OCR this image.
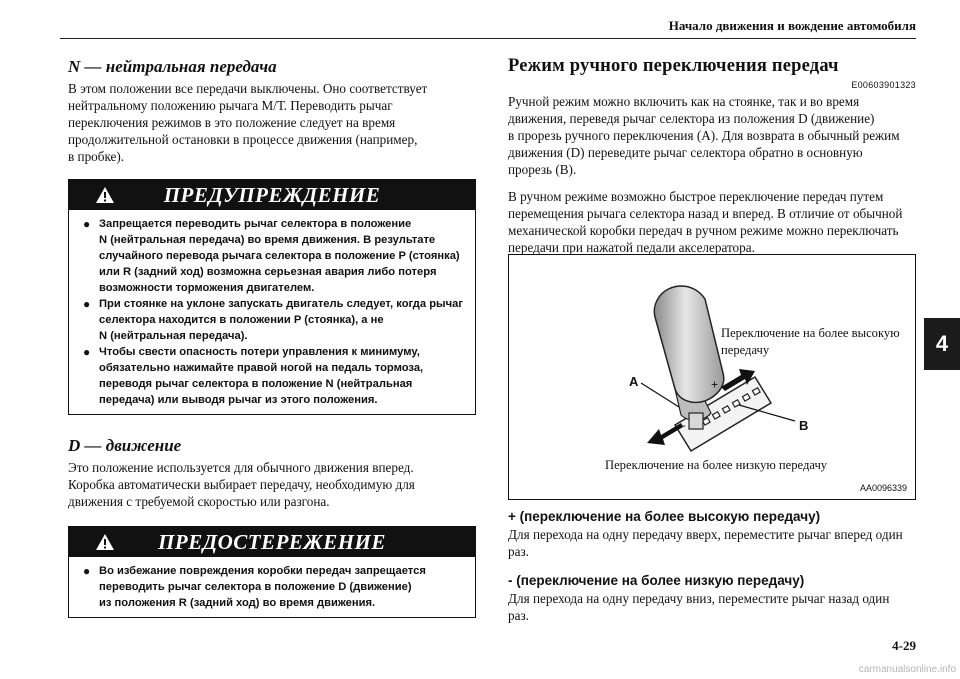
Начало движения и вождение автомобиля
4
N — нейтральная передача
В этом положении все передачи выключены. Оно соответствует
нейтральному положению рычага М/Т. Переводить рычаг
переключения режимов в это положение следует на время
продолжительной остановки в процессе движения (например,
в пробке).
ПРЕДУПРЕЖДЕНИЕ
● Запрещается переводить рычаг селектора в положение
N (нейтральная передача) во время движения. В результате
случайного перевода рычага селектора в положение P (стоянка)
или R (задний ход) возможна серьезная авария либо потеря
возможности торможения двигателем.
● При стоянке на уклоне запускать двигатель следует, когда рычаг
селектора находится в положении P (стоянка), а не
N (нейтральная передача).
● Чтобы свести опасность потери управления к минимуму,
обязательно нажимайте правой ногой на педаль тормоза,
переводя рычаг селектора в положение N (нейтральная
передача) или выводя рычаг из этого положения.
D — движение
Это положение используется для обычного движения вперед.
Коробка автоматически выбирает передачу, необходимую для
движения с требуемой скоростью или разгона.
ПРЕДОСТЕРЕЖЕНИЕ
● Во избежание повреждения коробки передач запрещается
переводить рычаг селектора в положение D (движение)
из положения R (задний ход) во время движения.
Режим ручного переключения передач
E00603901323
Ручной режим можно включить как на стоянке, так и во время
движения, переведя рычаг селектора из положения D (движение)
в прорезь ручного переключения (A). Для возврата в обычный режим
движения (D) переведите рычаг селектора обратно в основную
прорезь (B).
В ручном режиме возможно быстрое переключение передач путем
перемещения рычага селектора назад и вперед. В отличие от обычной
механической коробки передач в ручном режиме можно переключать
передачи при нажатой педали акселератора.
Переключение на более высокую
передачу
Переключение на более низкую передачу
A
B
+
–
AA0096339
+ (переключение на более высокую передачу)
Для перехода на одну передачу вверх, переместите рычаг вперед один
раз.
- (переключение на более низкую передачу)
Для перехода на одну передачу вниз, переместите рычаг назад один
раз.
4-29
carmanualsonline.info
